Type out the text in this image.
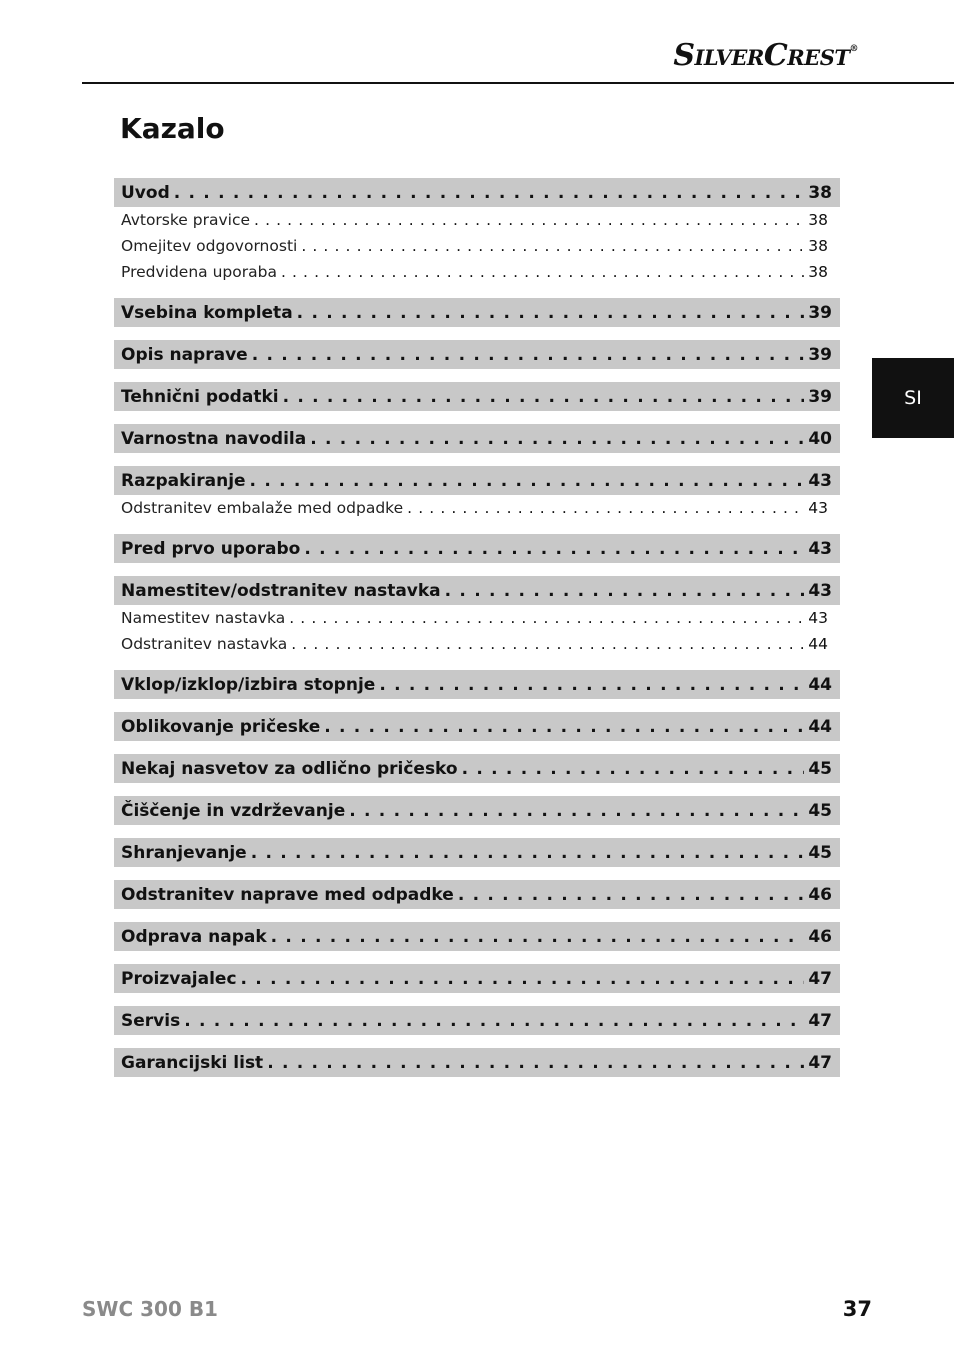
SilverCrest®
Kazalo
SI
Uvod . . .	38
Avtorske pravice . . .	38
Omejitev odgovornosti . . .	38
Predvidena uporaba . . .	38
Vsebina kompleta . . .	39
Opis naprave . . .	39
Tehnični podatki . . .	39
Varnostna navodila . . .	40
Razpakiranje . . .	43
Odstranitev embalaže med odpadke . . .	43
Pred prvo uporabo . . .	43
Namestitev/odstranitev nastavka . . .	43
Namestitev nastavka . . .	43
Odstranitev nastavka . . .	44
Vklop/izklop/izbira stopnje . . .	44
Oblikovanje pričeske . . .	44
Nekaj nasvetov za odlično pričesko . . .	45
Čiščenje in vzdrževanje . . .	45
Shranjevanje . . .	45
Odstranitev naprave med odpadke . . .	46
Odprava napak . . .	46
Proizvajalec . . .	47
Servis . . .	47
Garancijski list . . .	47
SWC 300 B1	37
